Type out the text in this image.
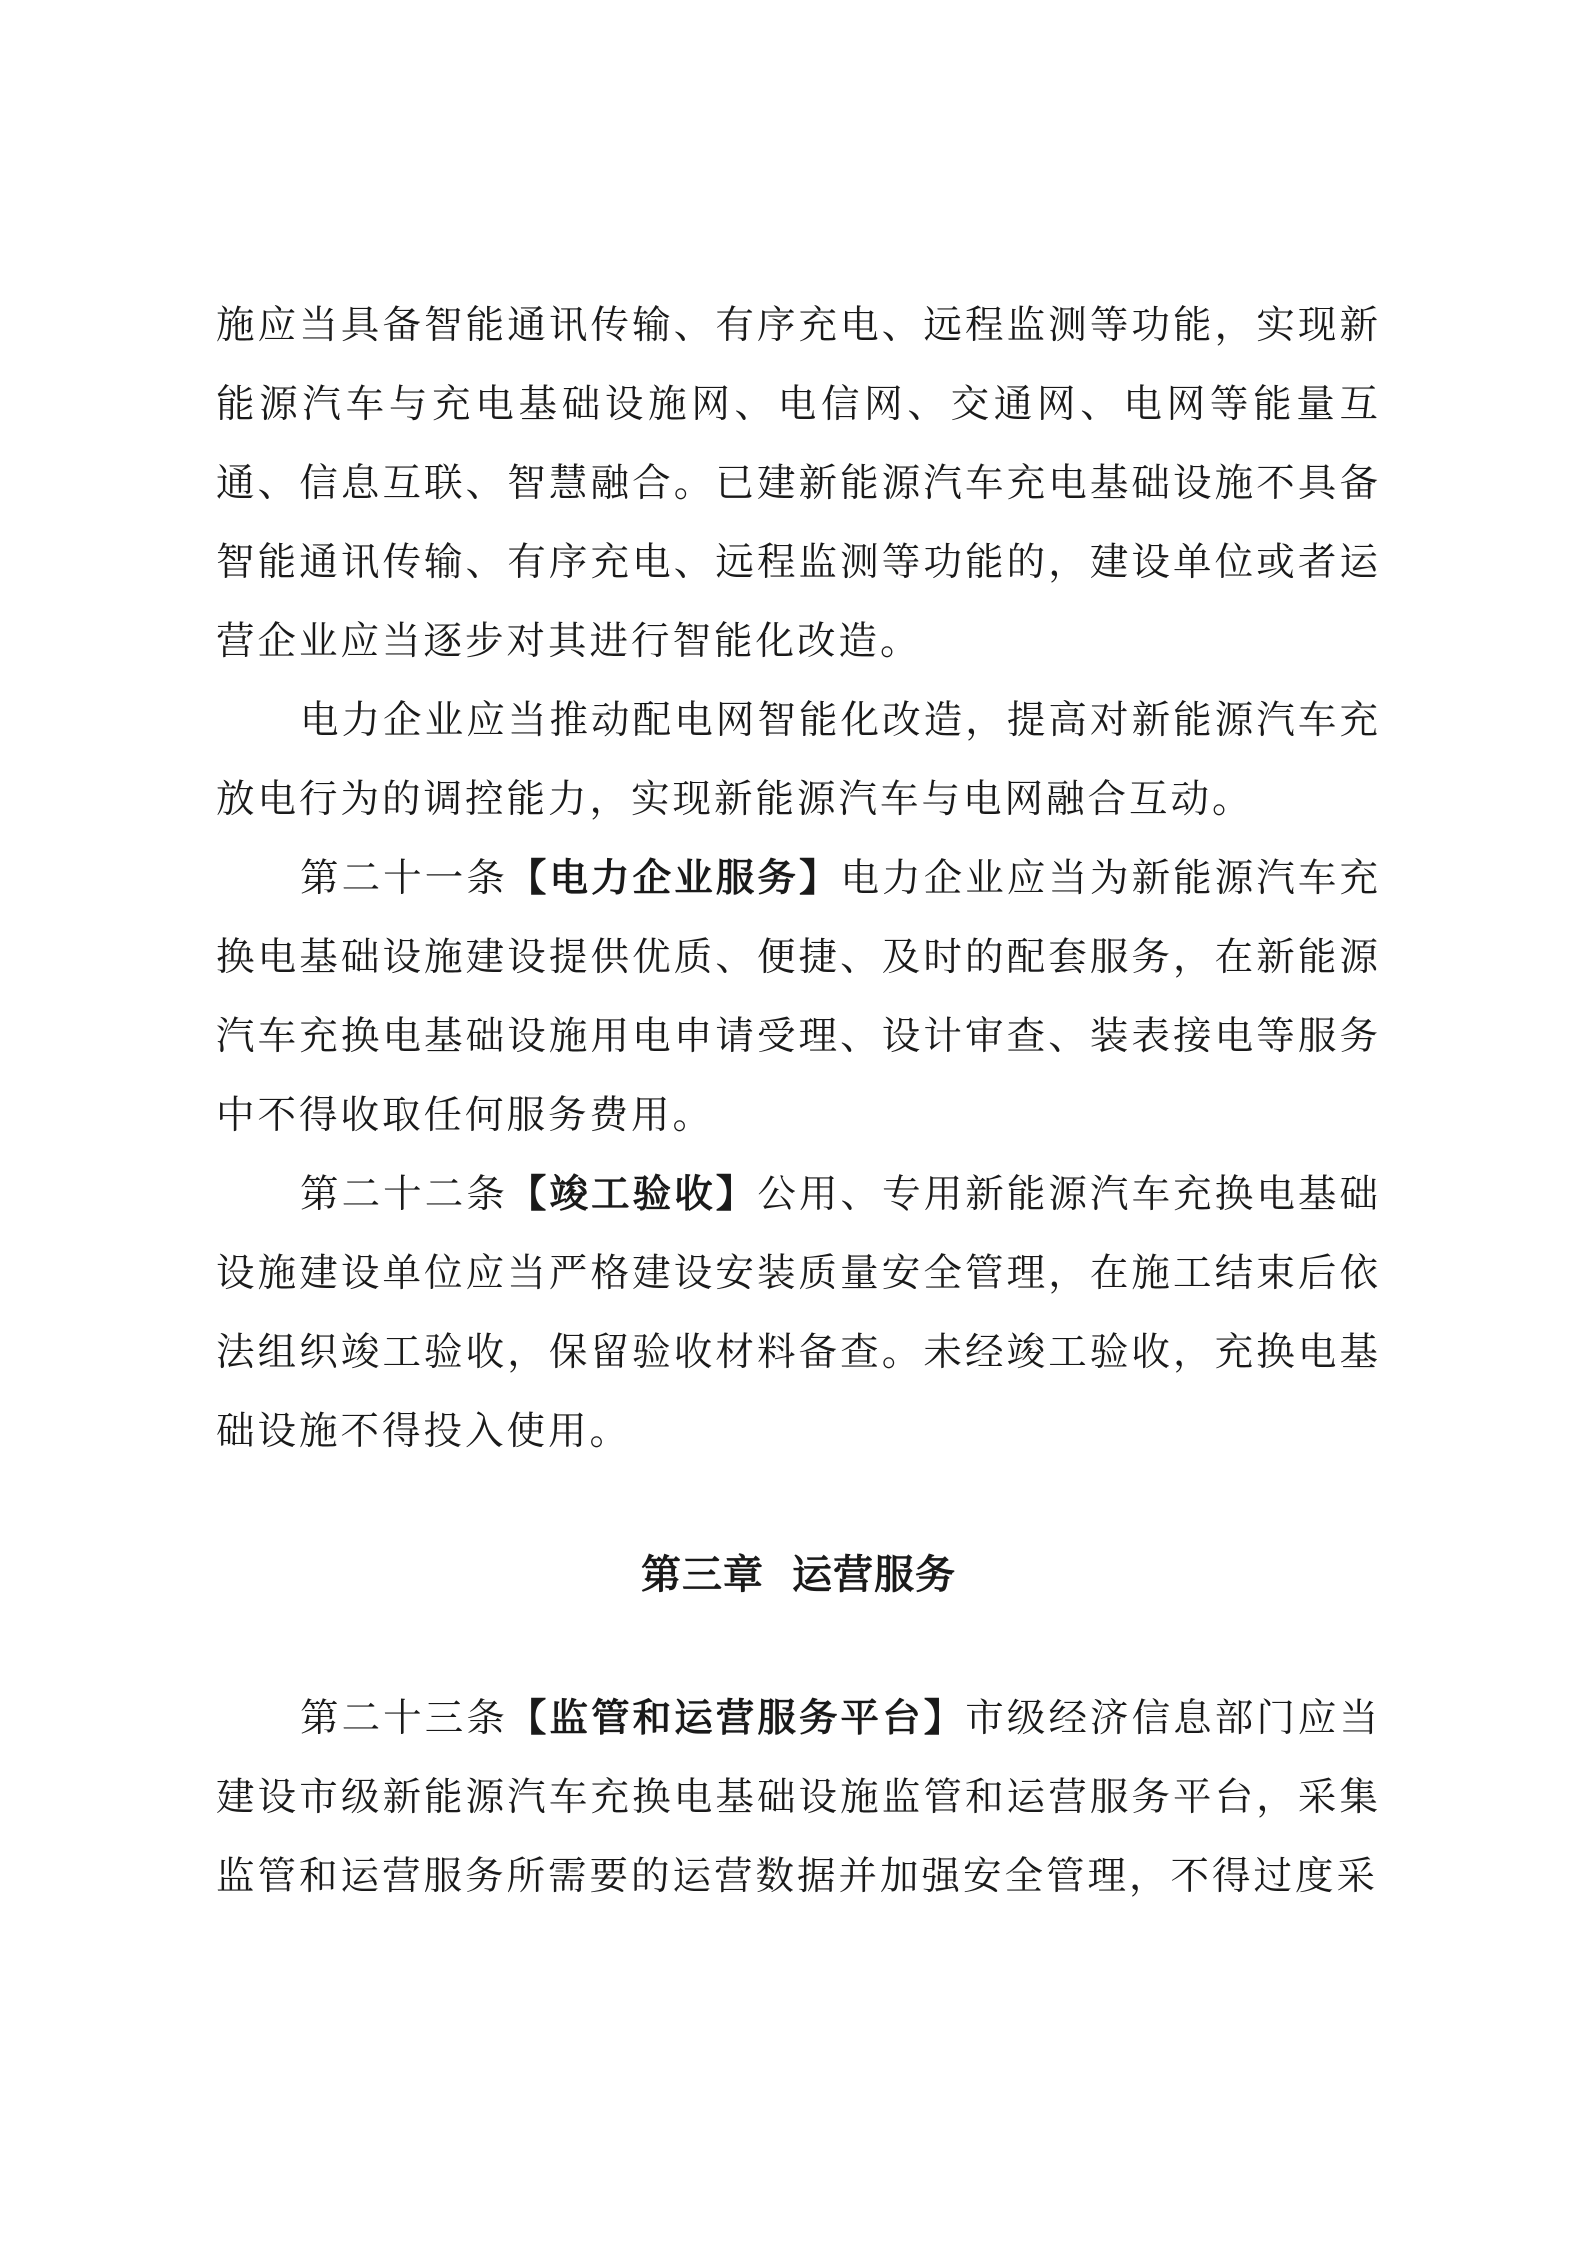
施应当具备智能通讯传输、有序充电、远程监测等功能，实现新能源汽车与充电基础设施网、电信网、交通网、电网等能量互通、信息互联、智慧融合。已建新能源汽车充电基础设施不具备智能通讯传输、有序充电、远程监测等功能的，建设单位或者运营企业应当逐步对其进行智能化改造。

电力企业应当推动配电网智能化改造，提高对新能源汽车充放电行为的调控能力，实现新能源汽车与电网融合互动。

第二十一条【电力企业服务】电力企业应当为新能源汽车充换电基础设施建设提供优质、便捷、及时的配套服务，在新能源汽车充换电基础设施用电申请受理、设计审查、装表接电等服务中不得收取任何服务费用。

第二十二条【竣工验收】公用、专用新能源汽车充换电基础设施建设单位应当严格建设安装质量安全管理，在施工结束后依法组织竣工验收，保留验收材料备查。未经竣工验收，充换电基础设施不得投入使用。

第三章 运营服务

第二十三条【监管和运营服务平台】市级经济信息部门应当建设市级新能源汽车充换电基础设施监管和运营服务平台，采集监管和运营服务所需要的运营数据并加强安全管理，不得过度采
